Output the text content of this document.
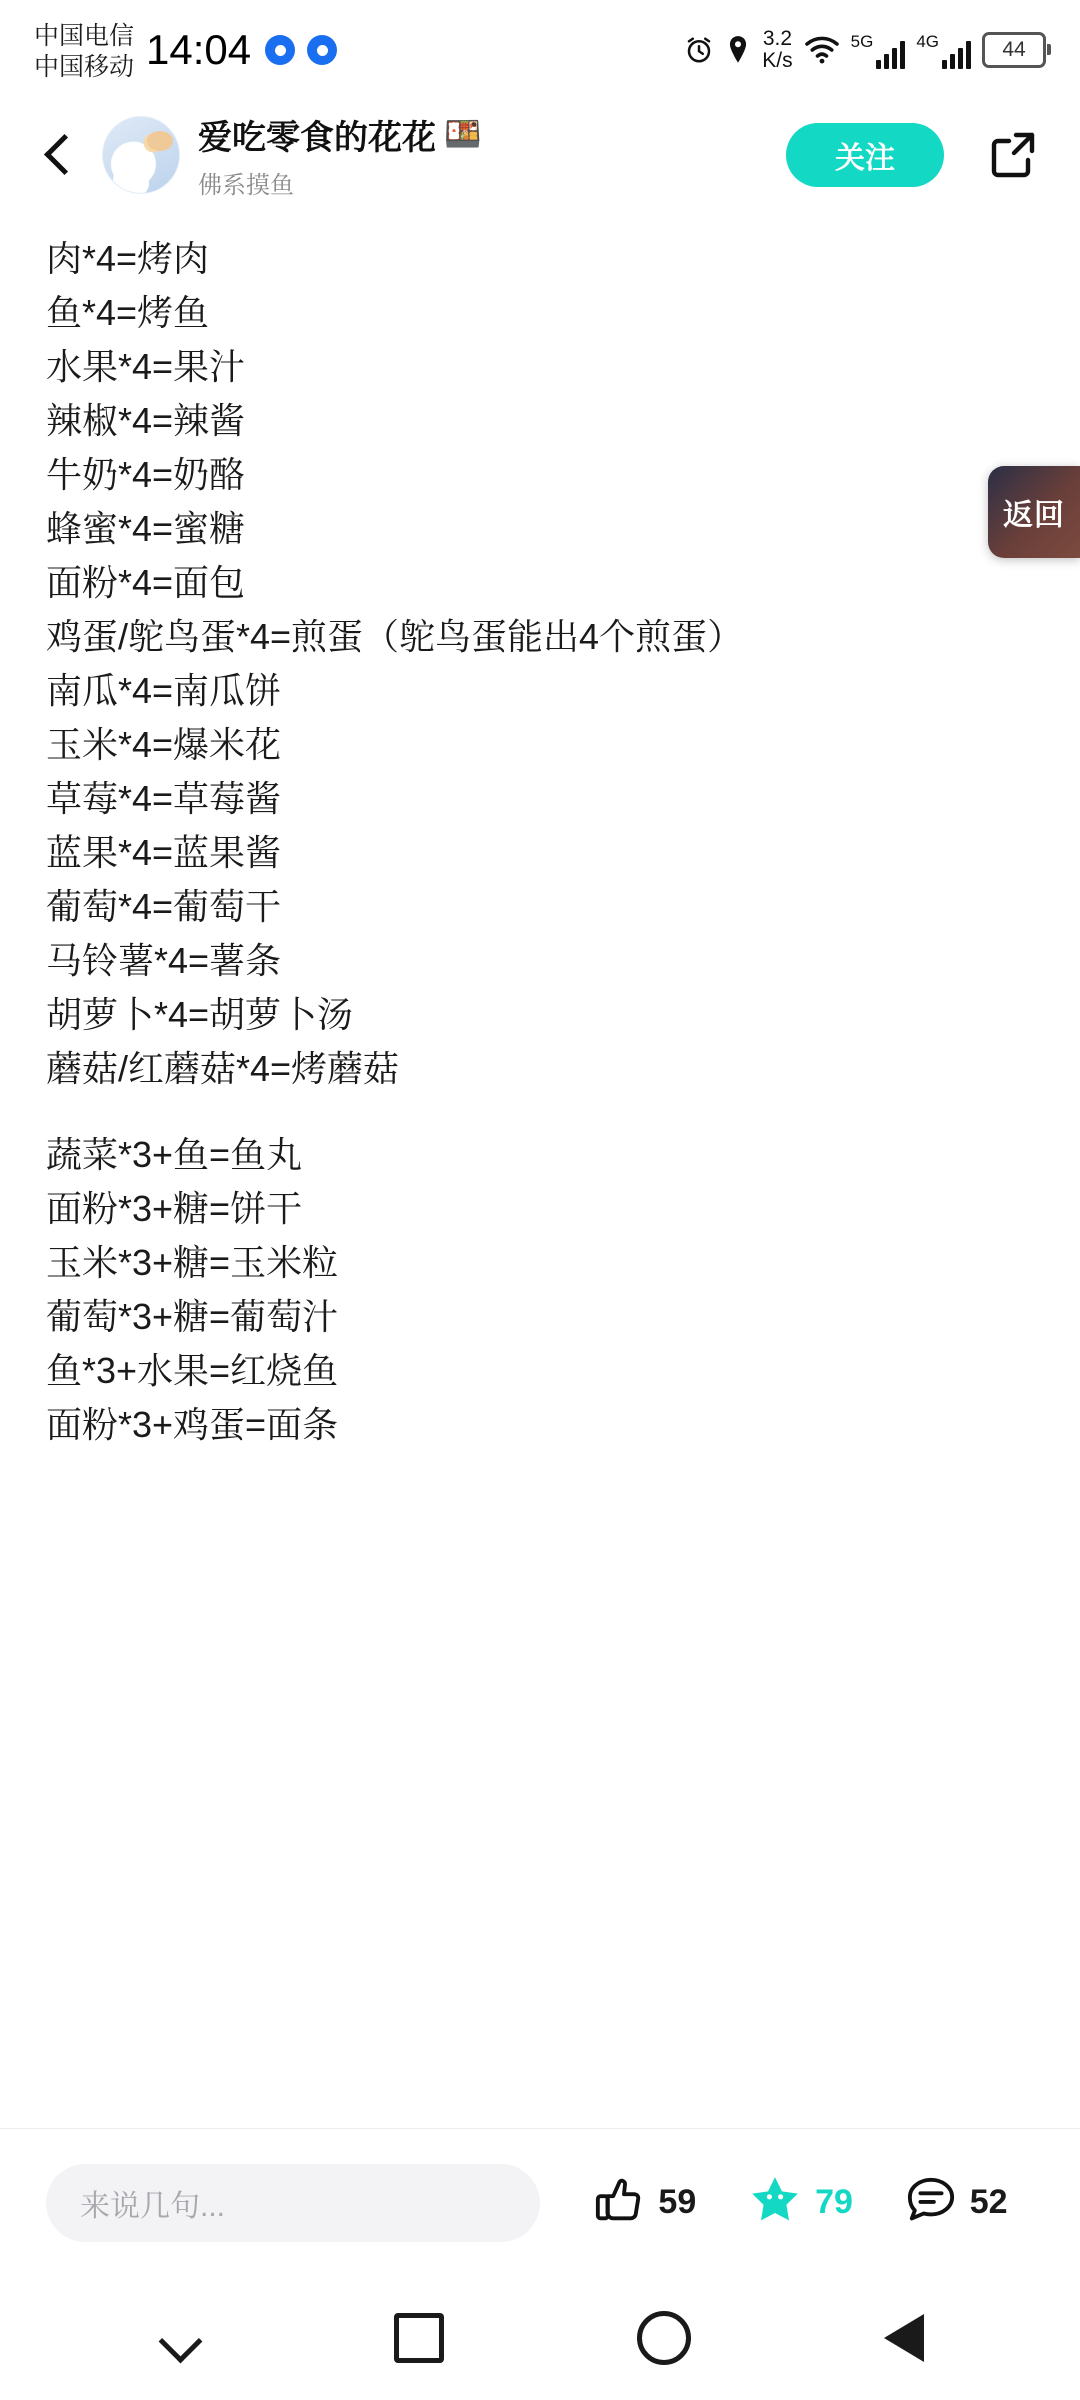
中国电信
中国移动 14:04	3.2
K/s
5G	4G	44
爱吃零食的花花 🍱
佛系摸鱼
关注
返回
肉*4=烤肉
鱼*4=烤鱼
水果*4=果汁
辣椒*4=辣酱
牛奶*4=奶酪
蜂蜜*4=蜜糖
面粉*4=面包
鸡蛋/鸵鸟蛋*4=煎蛋（鸵鸟蛋能出4个煎蛋）
南瓜*4=南瓜饼
玉米*4=爆米花
草莓*4=草莓酱
蓝果*4=蓝果酱
葡萄*4=葡萄干
马铃薯*4=薯条
胡萝卜*4=胡萝卜汤
蘑菇/红蘑菇*4=烤蘑菇
蔬菜*3+鱼=鱼丸
面粉*3+糖=饼干
玉米*3+糖=玉米粒
葡萄*3+糖=葡萄汁
鱼*3+水果=红烧鱼
面粉*3+鸡蛋=面条
来说几句...	59	79	52
